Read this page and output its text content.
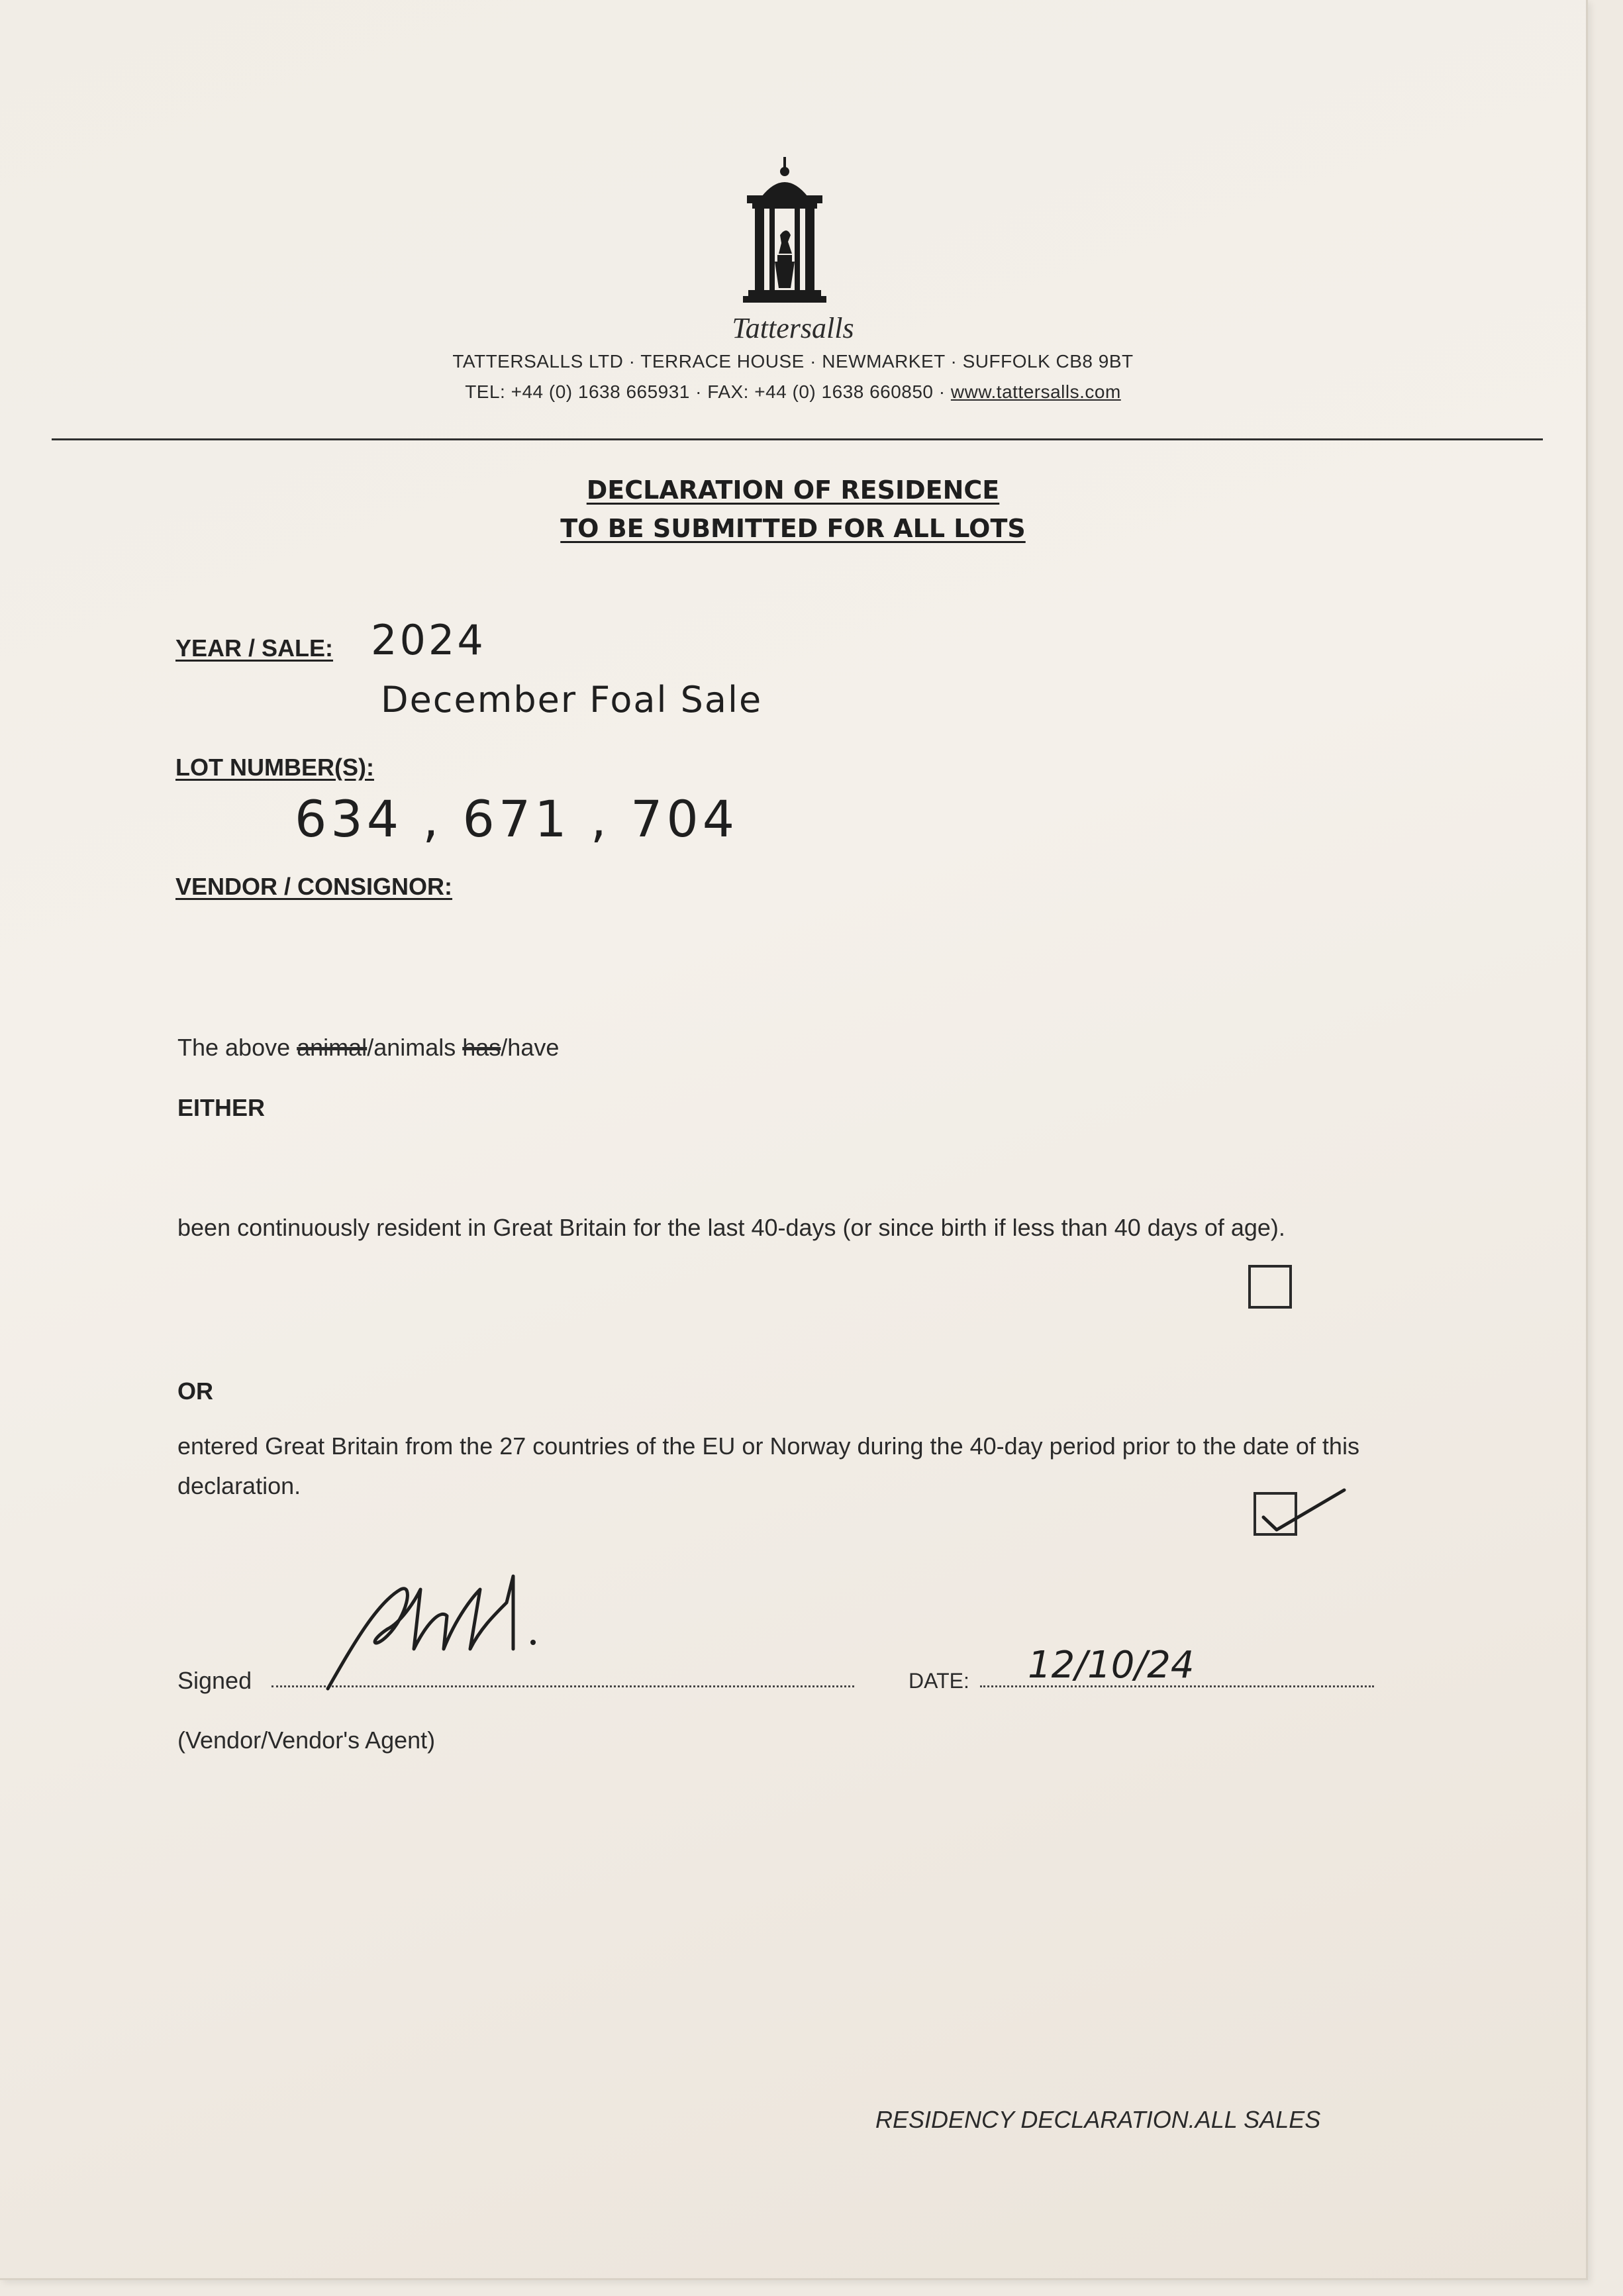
Tattersalls
TATTERSALLS LTD · TERRACE HOUSE · NEWMARKET · SUFFOLK CB8 9BT
TEL: +44 (0) 1638 665931 · FAX: +44 (0) 1638 660850 · www.tattersalls.com
DECLARATION OF RESIDENCE
TO BE SUBMITTED FOR ALL LOTS
YEAR / SALE: 2024
December Foal Sale
LOT NUMBER(S):
634 , 671 , 704
VENDOR / CONSIGNOR:
The above animal/animals has/have
EITHER
been continuously resident in Great Britain for the last 40-days (or since birth if less than 40 days of age).
OR
entered Great Britain from the 27 countries of the EU or Norway during the 40-day period prior to the date of this declaration.
Signed	DATE: 12/10/24
(Vendor/Vendor's Agent)
RESIDENCY DECLARATION.ALL SALES
